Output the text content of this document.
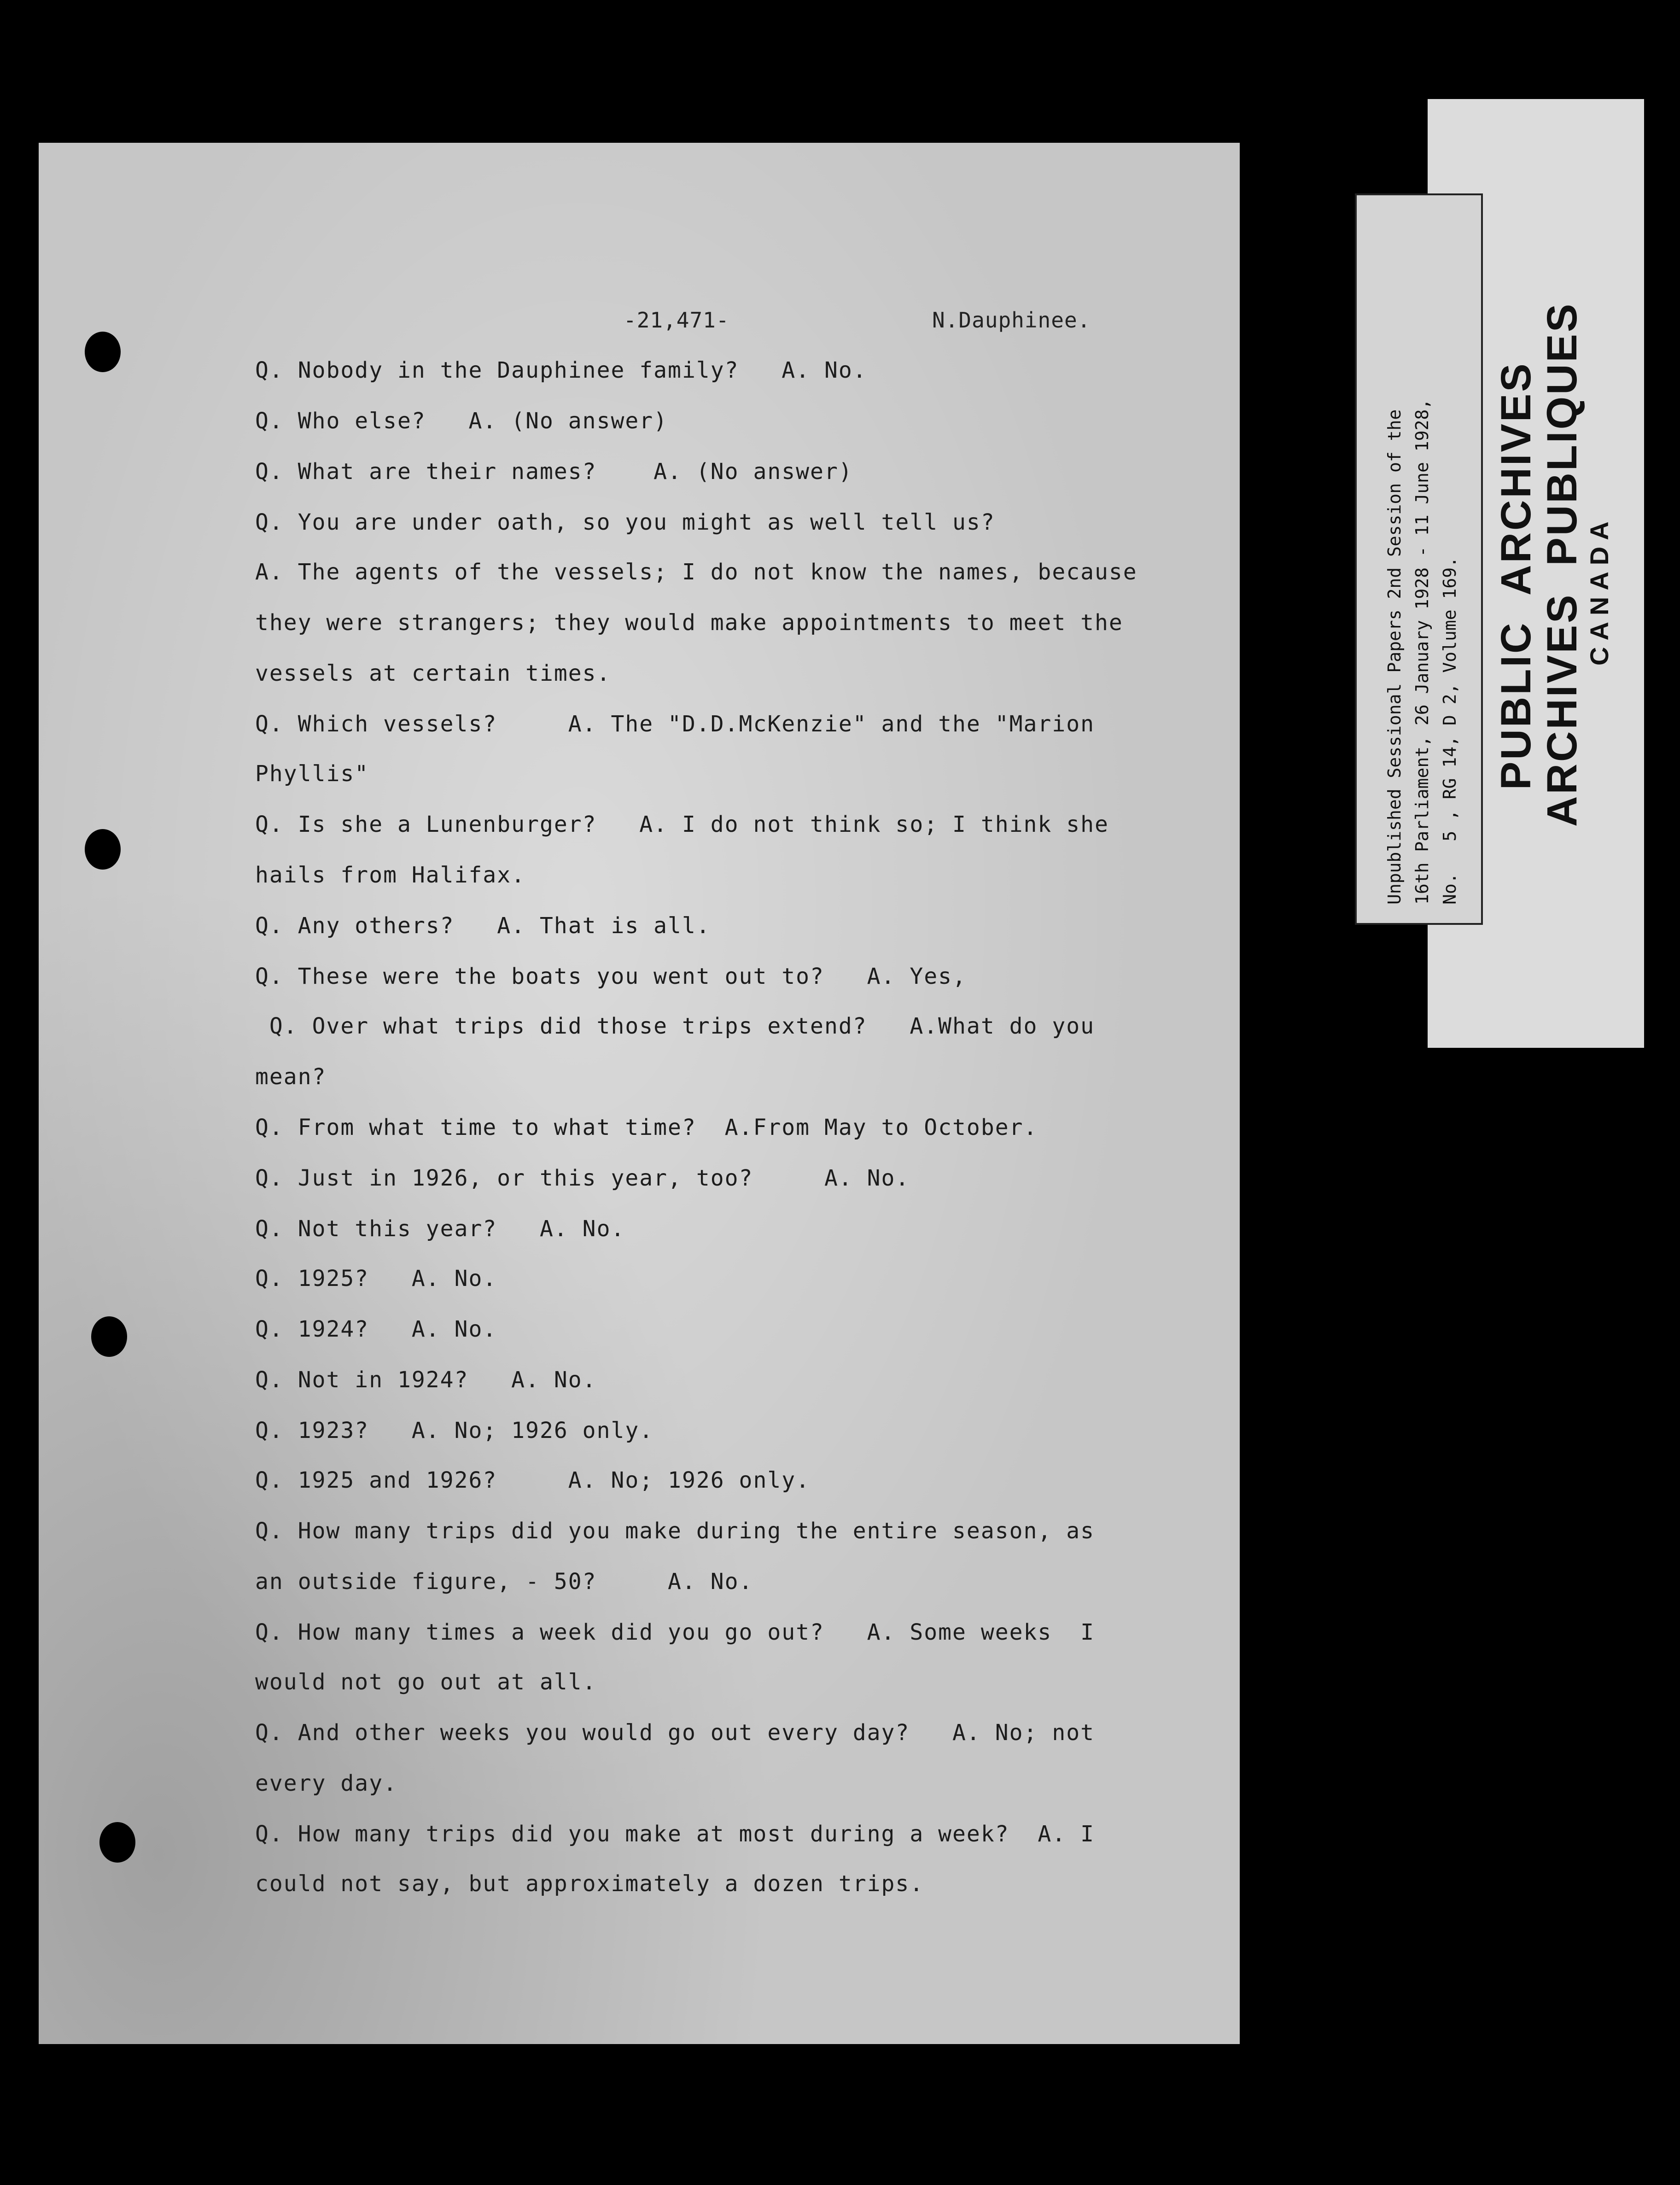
-21,471-	N.Dauphinee.
Q. Nobody in the Dauphinee family?   A. No.
Q. Who else?   A. (No answer)
Q. What are their names?    A. (No answer)
Q. You are under oath, so you might as well tell us?
A. The agents of the vessels; I do not know the names, because
they were strangers; they would make appointments to meet the
vessels at certain times.
Q. Which vessels?     A. The "D.D.McKenzie" and the "Marion
Phyllis"
Q. Is she a Lunenburger?   A. I do not think so; I think she
hails from Halifax.
Q. Any others?   A. That is all.
Q. These were the boats you went out to?   A. Yes,
Q. Over what trips did those trips extend?   A.What do you
mean?
Q. From what time to what time?  A.From May to October.
Q. Just in 1926, or this year, too?     A. No.
Q. Not this year?   A. No.
Q. 1925?   A. No.
Q. 1924?   A. No.
Q. Not in 1924?   A. No.
Q. 1923?   A. No; 1926 only.
Q. 1925 and 1926?     A. No; 1926 only.
Q. How many trips did you make during the entire season, as
an outside figure, - 50?     A. No.
Q. How many times a week did you go out?   A. Some weeks  I
would not go out at all.
Q. And other weeks you would go out every day?   A. No; not
every day.
Q. How many trips did you make at most during a week?  A. I
could not say, but approximately a dozen trips.
PUBLIC  ARCHIVES
ARCHIVES  PUBLIQUES
CANADA
Unpublished Sessional Papers 2nd Session of the 16th Parliament, 26 January 1928 - 11 June 1928, No.   5 , RG 14, D 2, Volume 169.
